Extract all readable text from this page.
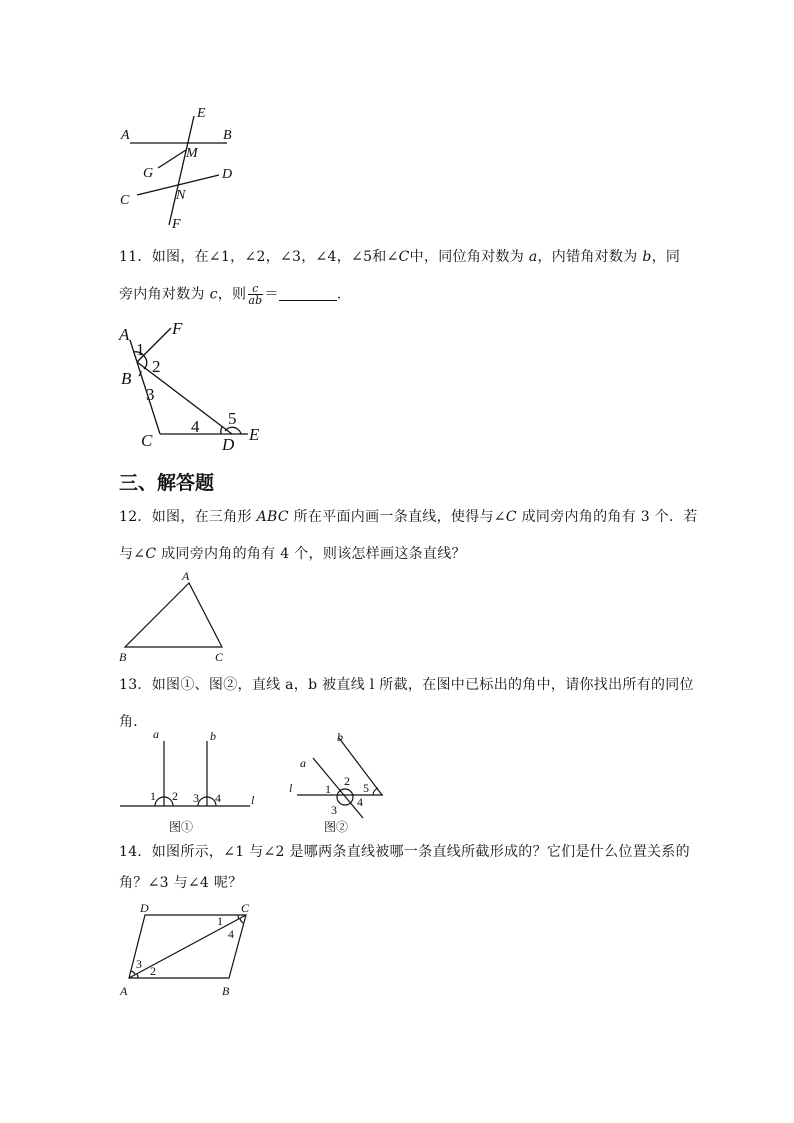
A	B
E
M
G	D
C	N
F
11．如图，在∠1，∠2，∠3，∠4，∠5和∠C中，同位角对数为 a，内错角对数为 b，同
旁内角对数为 c，则 $\frac{c}{ab}$ ＝	.
A	F
1
2
B
3
C
4 5
D
E
三、解答题
12．如图，在三角形 ABC 所在平面内画一条直线，使得与∠C 成同旁内角的角有 3 个．若
与∠C 成同旁内角的角有 4 个，则该怎样画这条直线？
A
B	C
13．如图①、图②，直线 a，b 被直线 l 所截，在图中已标出的角中，请你找出所有的同位
角．
a	b
1 2 3 4	l
图①
b
a
2
l	1	5
4
3
图②
14．如图所示，∠1 与∠2 是哪两条直线被哪一条直线所截形成的？它们是什么位置关系的
角？∠3 与∠4 呢？
D	C
1
4
3 2
A	B
